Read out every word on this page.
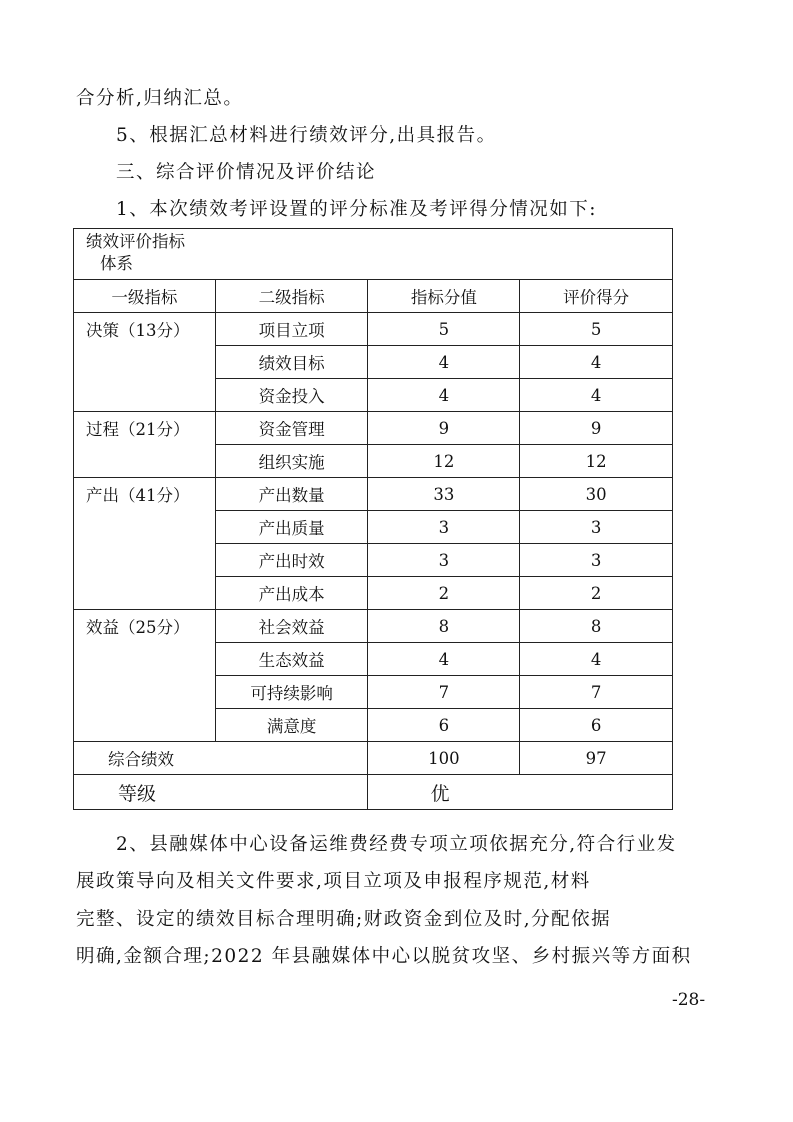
合分析,归纳汇总。
5、根据汇总材料进行绩效评分,出具报告。
三、综合评价情况及评价结论
1、本次绩效考评设置的评分标准及考评得分情况如下:
绩效评价指标
体系			

一级指标	二级指标	指标分值	评价得分
决策（13分）	项目立项	5	5
	绩效目标	4	4
	资金投入	4	4
过程（21分）	资金管理	9	9
	组织实施	12	12
产出（41分）	产出数量	33	30
	产出质量	3	3
	产出时效	3	3
	产出成本	2	2
效益（25分）	社会效益	8	8
	生态效益	4	4
	可持续影响	7	7
	满意度	6	6
综合绩效		100	97
等级		优	
-28-
2、县融媒体中心设备运维费经费专项立项依据充分,符合行业发
展政策导向及相关文件要求,项目立项及申报程序规范,材料
完整、设定的绩效目标合理明确;财政资金到位及时,分配依据
明确,金额合理;2022 年县融媒体中心以脱贫攻坚、乡村振兴等方面积
